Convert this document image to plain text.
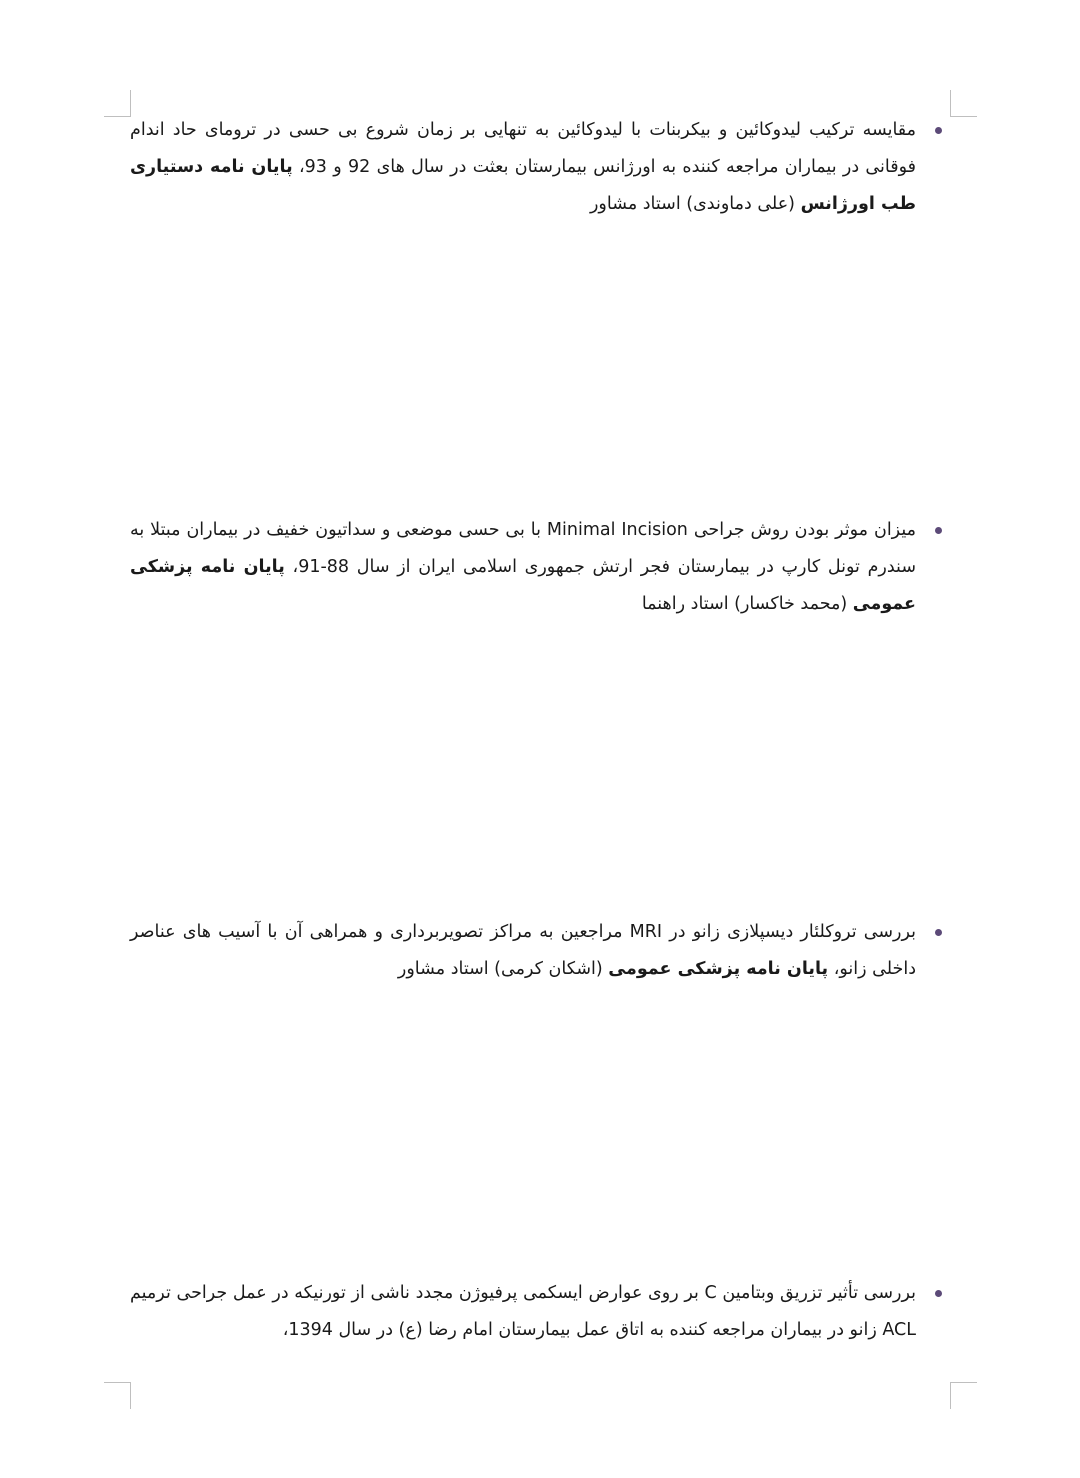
مقایسه ترکیب لیدوکائین و بیکربنات با لیدوکائین به تنهایی بر زمان شروع بی حسی در ترومای حاد اندام فوقانی در بیماران مراجعه کننده به اورژانس بیمارستان بعثت در سال های 92 و 93، پایان نامه دستیاری طب اورژانس (علی دماوندی) استاد مشاور

میزان موثر بودن روش جراحی Minimal Incision با بی حسی موضعی و سداتیون خفیف در بیماران مبتلا به سندرم تونل کارپ در بیمارستان فجر ارتش جمهوری اسلامی ایران از سال 88-91، پایان نامه پزشکی عمومی (محمد خاکسار) استاد راهنما

بررسی تروکلئار دیسپلازی زانو در MRI مراجعین به مراکز تصویربرداری و همراهی آن با آسیب های عناصر داخلی زانو، پایان نامه پزشکی عمومی (اشکان کرمی) استاد مشاور

بررسی تأثیر تزریق وبتامین C بر روی عوارض ایسکمی پرفیوژن مجدد ناشی از تورنیکه در عمل جراحی ترمیم ACL زانو در بیماران مراجعه کننده به اتاق عمل بیمارستان امام رضا (ع) در سال 1394،
